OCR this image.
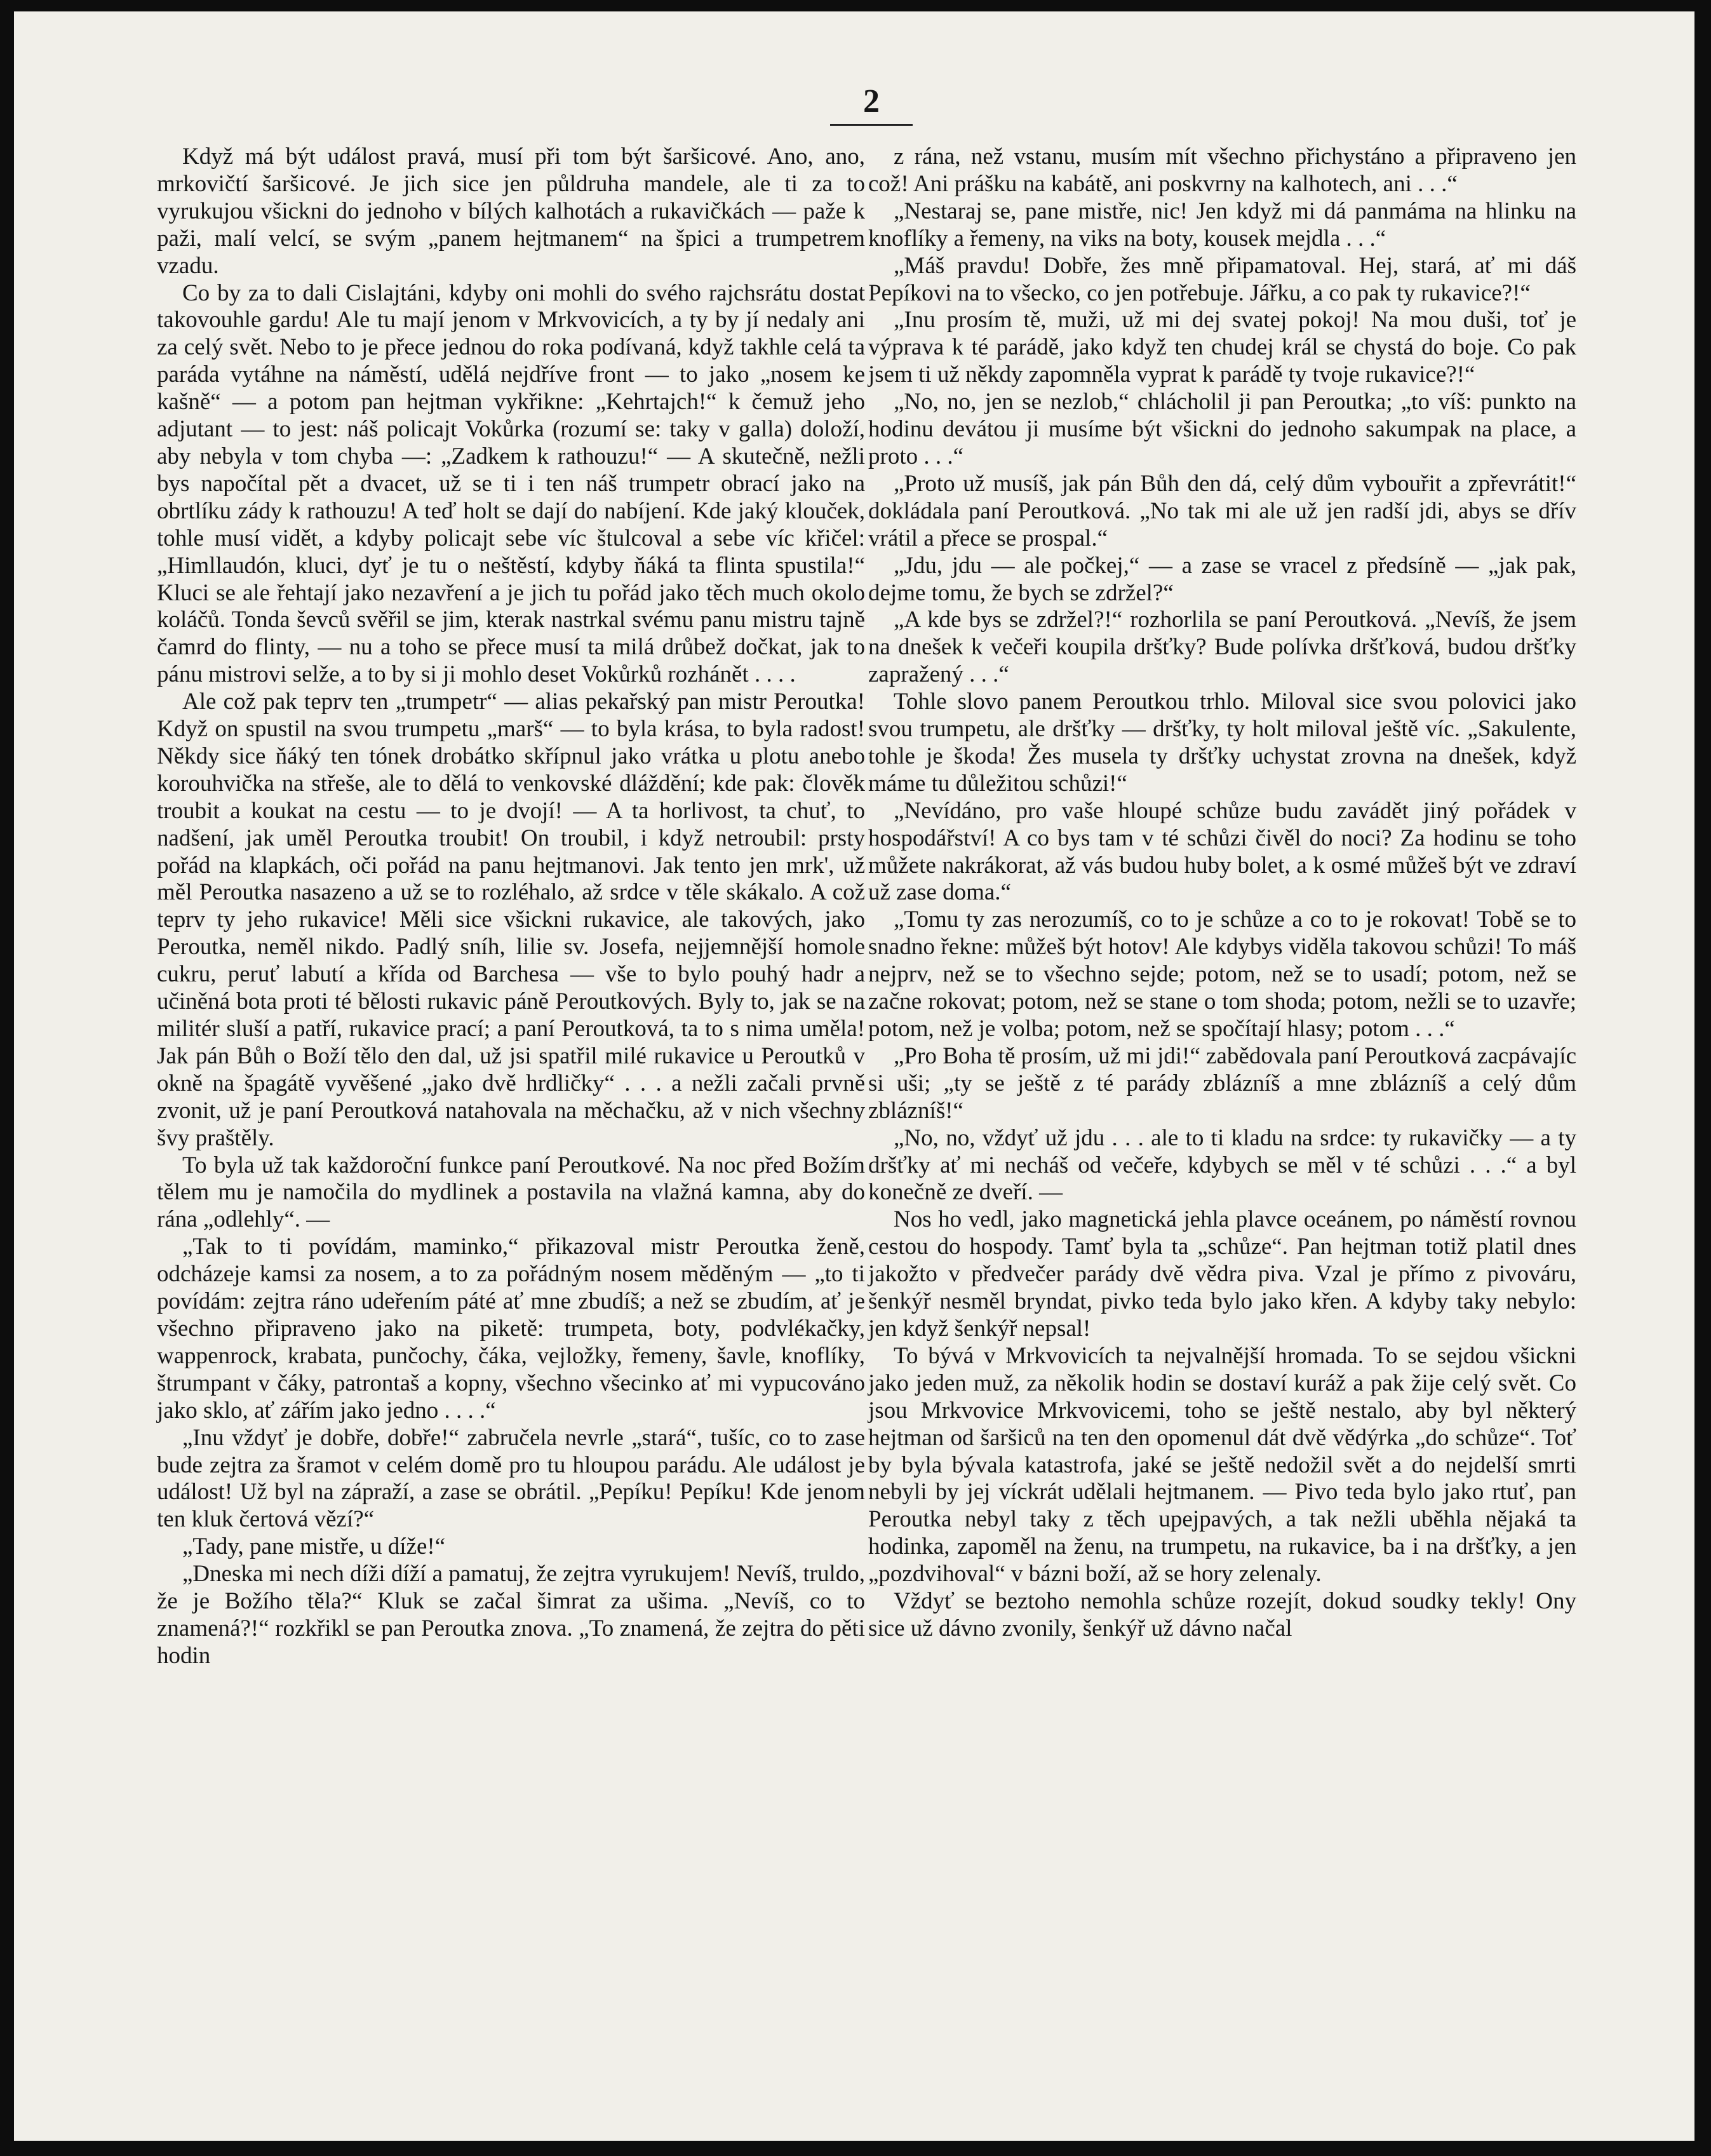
2

Když má být událost pravá, musí při tom být šaršicové. Ano, ano, mrkovičtí šaršicové. Je jich sice jen půldruha mandele, ale ti za to vyrukujou všickni do jednoho v bílých kalhotách a rukavičkách — paže k paži, malí velcí, se svým „panem hejtmanem“ na špici a trumpetrem vzadu.

Co by za to dali Cislajtáni, kdyby oni mohli do svého rajchsrátu dostat takovouhle gardu! Ale tu mají jenom v Mrkvovicích, a ty by jí nedaly ani za celý svět. Nebo to je přece jednou do roka podívaná, když takhle celá ta paráda vytáhne na náměstí, udělá nejdříve front — to jako „nosem ke kašně“ — a potom pan hejtman vykřikne: „Kehrtajch!“ k čemuž jeho adjutant — to jest: náš policajt Vokůrka (rozumí se: taky v galla) doloží, aby nebyla v tom chyba —: „Zadkem k rathouzu!“ — A skutečně, nežli bys napočítal pět a dvacet, už se ti i ten náš trumpetr obrací jako na obrtlíku zády k rathouzu! A teď holt se dají do nabíjení. Kde jaký klouček, tohle musí vidět, a kdyby policajt sebe víc štulcoval a sebe víc křičel: „Himllaudón, kluci, dyť je tu o neštěstí, kdyby ňáká ta flinta spustila!“ Kluci se ale řehtají jako nezavření a je jich tu pořád jako těch much okolo koláčů. Tonda ševců svěřil se jim, kterak nastrkal svému panu mistru tajně čamrd do flinty, — nu a toho se přece musí ta milá drůbež dočkat, jak to pánu mistrovi selže, a to by si ji mohlo deset Vokůrků rozhánět . . . .

Ale což pak teprv ten „trumpetr“ — alias pekařský pan mistr Peroutka! Když on spustil na svou trumpetu „marš“ — to byla krása, to byla radost! Někdy sice ňáký ten tónek drobátko skřípnul jako vrátka u plotu anebo korouhvička na střeše, ale to dělá to venkovské dláždění; kde pak: člověk troubit a koukat na cestu — to je dvojí! — A ta horlivost, ta chuť, to nadšení, jak uměl Peroutka troubit! On troubil, i když netroubil: prsty pořád na klapkách, oči pořád na panu hejtmanovi. Jak tento jen mrk', už měl Peroutka nasazeno a už se to rozléhalo, až srdce v těle skákalo. A což teprv ty jeho rukavice! Měli sice všickni rukavice, ale takových, jako Peroutka, neměl nikdo. Padlý sníh, lilie sv. Josefa, nejjemnější homole cukru, peruť labutí a křída od Barchesa — vše to bylo pouhý hadr a učiněná bota proti té bělosti rukavic páně Peroutkových. Byly to, jak se na militér sluší a patří, rukavice prací; a paní Peroutková, ta to s nima uměla! Jak pán Bůh o Boží tělo den dal, už jsi spatřil milé rukavice u Peroutků v okně na špagátě vyvěšené „jako dvě hrdličky“ . . . a nežli začali prvně zvonit, už je paní Peroutková natahovala na měchačku, až v nich všechny švy praštěly.

To byla už tak každoroční funkce paní Peroutkové. Na noc před Božím tělem mu je namočila do mydlinek a postavila na vlažná kamna, aby do rána „odlehly“. —

„Tak to ti povídám, maminko,“ přikazoval mistr Peroutka ženě, odcházeje kamsi za nosem, a to za pořádným nosem měděným — „to ti povídám: zejtra ráno udeřením páté ať mne zbudíš; a než se zbudím, ať je všechno připraveno jako na piketě: trumpeta, boty, podvlékačky, wappenrock, krabata, punčochy, čáka, vejložky, řemeny, šavle, knoflíky, štrumpant v čáky, patrontaš a kopny, všechno všecinko ať mi vypucováno jako sklo, ať zářím jako jedno . . . .“

„Inu vždyť je dobře, dobře!“ zabručela nevrle „stará“, tušíc, co to zase bude zejtra za šramot v celém domě pro tu hloupou parádu. Ale událost je událost! Už byl na zápraží, a zase se obrátil. „Pepíku! Pepíku! Kde jenom ten kluk čertová vězí?“

„Tady, pane mistře, u díže!“

„Dneska mi nech díži díží a pamatuj, že zejtra vyrukujem! Nevíš, truldo, že je Božího těla?“ Kluk se začal šimrat za ušima. „Nevíš, co to znamená?!“ rozkřikl se pan Peroutka znova. „To znamená, že zejtra do pěti hodin

z rána, než vstanu, musím mít všechno přichystáno a připraveno jen což! Ani prášku na kabátě, ani poskvrny na kalhotech, ani . . .“

„Nestaraj se, pane mistře, nic! Jen když mi dá panmáma na hlinku na knoflíky a řemeny, na viks na boty, kousek mejdla . . .“

„Máš pravdu! Dobře, žes mně připamatoval. Hej, stará, ať mi dáš Pepíkovi na to všecko, co jen potřebuje. Jářku, a co pak ty rukavice?!“

„Inu prosím tě, muži, už mi dej svatej pokoj! Na mou duši, toť je výprava k té parádě, jako když ten chudej král se chystá do boje. Co pak jsem ti už někdy zapomněla vyprat k parádě ty tvoje rukavice?!“

„No, no, jen se nezlob,“ chlácholil ji pan Peroutka; „to víš: punkto na hodinu devátou ji musíme být všickni do jednoho sakumpak na place, a proto . . .“

„Proto už musíš, jak pán Bůh den dá, celý dům vybouřit a zpřevrátit!“ dokládala paní Peroutková. „No tak mi ale už jen radší jdi, abys se dřív vrátil a přece se prospal.“

„Jdu, jdu — ale počkej,“ — a zase se vracel z předsíně — „jak pak, dejme tomu, že bych se zdržel?“

„A kde bys se zdržel?!“ rozhorlila se paní Peroutková. „Nevíš, že jsem na dnešek k večeři koupila dršťky? Bude polívka dršťková, budou dršťky zapražený . . .“

Tohle slovo panem Peroutkou trhlo. Miloval sice svou polovici jako svou trumpetu, ale dršťky — dršťky, ty holt miloval ještě víc. „Sakulente, tohle je škoda! Žes musela ty dršťky uchystat zrovna na dnešek, když máme tu důležitou schůzi!“

„Nevídáno, pro vaše hloupé schůze budu zavádět jiný pořádek v hospodářství! A co bys tam v té schůzi čivěl do noci? Za hodinu se toho můžete nakrákorat, až vás budou huby bolet, a k osmé můžeš být ve zdraví už zase doma.“

„Tomu ty zas nerozumíš, co to je schůze a co to je rokovat! Tobě se to snadno řekne: můžeš být hotov! Ale kdybys viděla takovou schůzi! To máš nejprv, než se to všechno sejde; potom, než se to usadí; potom, než se začne rokovat; potom, než se stane o tom shoda; potom, nežli se to uzavře; potom, než je volba; potom, než se spočítají hlasy; potom . . .“

„Pro Boha tě prosím, už mi jdi!“ zabědovala paní Peroutková zacpávajíc si uši; „ty se ještě z té parády zblázníš a mne zblázníš a celý dům zblázníš!“

„No, no, vždyť už jdu . . . ale to ti kladu na srdce: ty rukavičky — a ty dršťky ať mi necháš od večeře, kdybych se měl v té schůzi . . .“ a byl konečně ze dveří. —

Nos ho vedl, jako magnetická jehla plavce oceánem, po náměstí rovnou cestou do hospody. Tamť byla ta „schůze“. Pan hejtman totiž platil dnes jakožto v předvečer parády dvě vědra piva. Vzal je přímo z pivováru, šenkýř nesměl bryndat, pivko teda bylo jako křen. A kdyby taky nebylo: jen když šenkýř nepsal!

To bývá v Mrkvovicích ta nejvalnější hromada. To se sejdou všickni jako jeden muž, za několik hodin se dostaví kuráž a pak žije celý svět. Co jsou Mrkvovice Mrkvovicemi, toho se ještě nestalo, aby byl některý hejtman od šaršiců na ten den opomenul dát dvě vědýrka „do schůze“. Toť by byla bývala katastrofa, jaké se ještě nedožil svět a do nejdelší smrti nebyli by jej víckrát udělali hejtmanem. — Pivo teda bylo jako rtuť, pan Peroutka nebyl taky z těch upejpavých, a tak nežli uběhla nějaká ta hodinka, zapoměl na ženu, na trumpetu, na rukavice, ba i na dršťky, a jen „pozdvihoval“ v bázni boží, až se hory zelenaly.

Vždyť se beztoho nemohla schůze rozejít, dokud soudky tekly! Ony sice už dávno zvonily, šenkýř už dávno načal
